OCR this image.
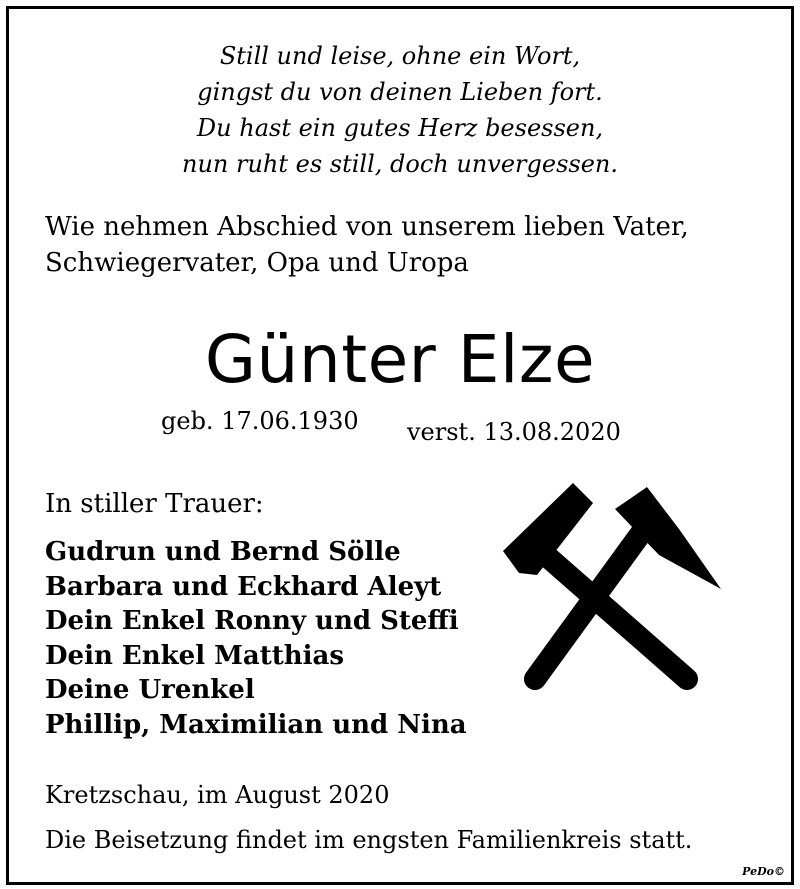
Still und leise, ohne ein Wort,
gingst du von deinen Lieben fort.
Du hast ein gutes Herz besessen,
nun ruht es still, doch unvergessen.
Wie nehmen Abschied von unserem lieben Vater,
Schwiegervater, Opa und Uropa
Günter Elze
geb. 17.06.1930 verst. 13.08.2020
In stiller Trauer:
Gudrun und Bernd Sölle
Barbara und Eckhard Aleyt
Dein Enkel Ronny und Steffi
Dein Enkel Matthias
Deine Urenkel
Phillip, Maximilian und Nina
Kretzschau, im August 2020
Die Beisetzung findet im engsten Familienkreis statt.
PeDo©
